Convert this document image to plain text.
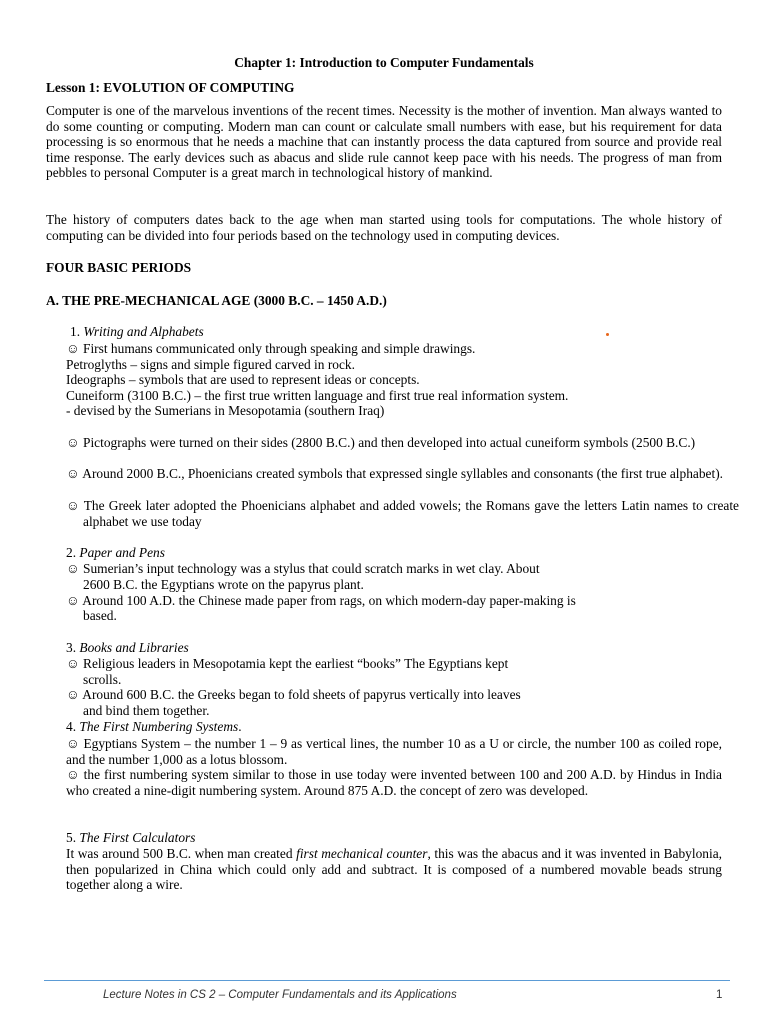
Chapter 1: Introduction to Computer Fundamentals
Lesson 1: EVOLUTION OF COMPUTING

Computer is one of the marvelous inventions of the recent times. Necessity is the mother of invention. Man always wanted to do some counting or computing. Modern man can count or calculate small numbers with ease, but his requirement for data processing is so enormous that he needs a machine that can instantly process the data captured from source and provide real time response. The early devices such as abacus and slide rule cannot keep pace with his needs. The progress of man from pebbles to personal Computer is a great march in technological history of mankind.

The history of computers dates back to the age when man started using tools for computations. The whole history of computing can be divided into four periods based on the technology used in computing devices.

FOUR BASIC PERIODS
A. THE PRE-MECHANICAL AGE (3000 B.C. – 1450 A.D.)
1. Writing and Alphabets
☺ First humans communicated only through speaking and simple drawings.
Petroglyths – signs and simple figured carved in rock.
Ideographs – symbols that are used to represent ideas or concepts.
Cuneiform (3100 B.C.) – the first true written language and first true real information system.
- devised by the Sumerians in Mesopotamia (southern Iraq)
☺ Pictographs were turned on their sides (2800 B.C.) and then developed into actual cuneiform symbols (2500 B.C.)
☺ Around 2000 B.C., Phoenicians created symbols that expressed single syllables and consonants (the first true alphabet).
☺ The Greek later adopted the Phoenicians alphabet and added vowels; the Romans gave the letters Latin names to create alphabet we use today
2. Paper and Pens
☺ Sumerian’s input technology was a stylus that could scratch marks in wet clay. About
2600 B.C. the Egyptians wrote on the papyrus plant.
☺ Around 100 A.D. the Chinese made paper from rags, on which modern-day paper-making is
based.
3. Books and Libraries
☺ Religious leaders in Mesopotamia kept the earliest “books” The Egyptians kept
scrolls.
☺ Around 600 B.C. the Greeks began to fold sheets of papyrus vertically into leaves
and bind them together.
4. The First Numbering Systems.

☺ Egyptians System – the number 1 – 9 as vertical lines, the number 10 as a U or circle, the number 100 as coiled rope, and the number 1,000 as a lotus blossom.

☺ the first numbering system similar to those in use today were invented between 100 and 200 A.D. by Hindus in India who created a nine-digit numbering system. Around 875 A.D. the concept of zero was developed.

5. The First Calculators

It was around 500 B.C. when man created first mechanical counter, this was the abacus and it was invented in Babylonia, then popularized in China which could only add and subtract. It is composed of a numbered movable beads strung together along a wire.

Lecture Notes in CS 2 – Computer Fundamentals and its Applications	1
